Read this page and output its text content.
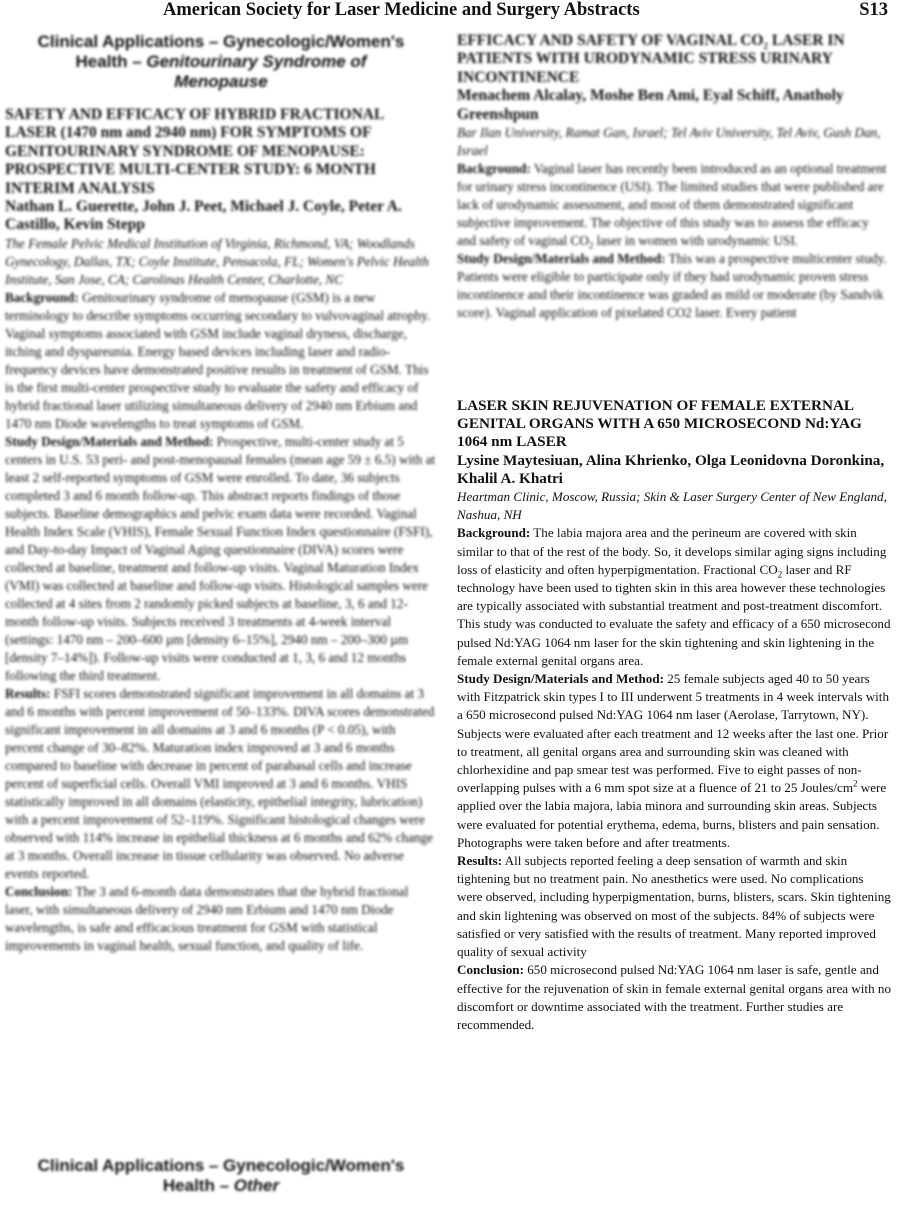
American Society for Laser Medicine and Surgery Abstracts	S13
Clinical Applications – Gynecologic/Women's
Health – Genitourinary Syndrome of
Menopause

SAFETY AND EFFICACY OF HYBRID FRACTIONAL LASER (1470 nm and 2940 nm) FOR SYMPTOMS OF GENITOURINARY SYNDROME OF MENOPAUSE: PROSPECTIVE MULTI-CENTER STUDY: 6 MONTH INTERIM ANALYSIS

Nathan L. Guerette, John J. Peet, Michael J. Coyle, Peter A. Castillo, Kevin Stepp

The Female Pelvic Medical Institution of Virginia, Richmond, VA; Woodlands Gynecology, Dallas, TX; Coyle Institute, Pensacola, FL; Women's Pelvic Health Institute, San Jose, CA; Carolinas Health Center, Charlotte, NC

Background: Genitourinary syndrome of menopause (GSM) is a new terminology to describe symptoms occurring secondary to vulvovaginal atrophy. Vaginal symptoms associated with GSM include vaginal dryness, discharge, itching and dyspareunia. Energy based devices including laser and radio-frequency devices have demonstrated positive results in treatment of GSM. This is the first multi-center prospective study to evaluate the safety and efficacy of hybrid fractional laser utilizing simultaneous delivery of 2940 nm Erbium and 1470 nm Diode wavelengths to treat symptoms of GSM.

Study Design/Materials and Method: Prospective, multi-center study at 5 centers in U.S. 53 peri- and post-menopausal females (mean age 59 ± 6.5) with at least 2 self-reported symptoms of GSM were enrolled. To date, 36 subjects completed 3 and 6 month follow-up. This abstract reports findings of those subjects. Baseline demographics and pelvic exam data were recorded. Vaginal Health Index Scale (VHIS), Female Sexual Function Index questionnaire (FSFI), and Day-to-day Impact of Vaginal Aging questionnaire (DIVA) scores were collected at baseline, treatment and follow-up visits. Vaginal Maturation Index (VMI) was collected at baseline and follow-up visits. Histological samples were collected at 4 sites from 2 randomly picked subjects at baseline, 3, 6 and 12-month follow-up visits. Subjects received 3 treatments at 4-week interval (settings: 1470 nm – 200–600 µm [density 6–15%], 2940 nm – 200–300 µm [density 7–14%]). Follow-up visits were conducted at 1, 3, 6 and 12 months following the third treatment.

Results: FSFI scores demonstrated significant improvement in all domains at 3 and 6 months with percent improvement of 50–133%. DIVA scores demonstrated significant improvement in all domains at 3 and 6 months (P < 0.05), with percent change of 30–82%. Maturation index improved at 3 and 6 months compared to baseline with decrease in percent of parabasal cells and increase percent of superficial cells. Overall VMI improved at 3 and 6 months. VHIS statistically improved in all domains (elasticity, epithelial integrity, lubrication) with a percent improvement of 52–119%. Significant histological changes were observed with 114% increase in epithelial thickness at 6 months and 62% change at 3 months. Overall increase in tissue cellularity was observed. No adverse events reported.

Conclusion: The 3 and 6-month data demonstrates that the hybrid fractional laser, with simultaneous delivery of 2940 nm Erbium and 1470 nm Diode wavelengths, is safe and efficacious treatment for GSM with statistical improvements in vaginal health, sexual function, and quality of life.

Clinical Applications – Gynecologic/Women's
Health – Other

EFFICACY AND SAFETY OF VAGINAL $CO_2$ LASER IN PATIENTS WITH URODYNAMIC STRESS URINARY INCONTINENCE

Menachem Alcalay, Moshe Ben Ami, Eyal Schiff, Anatholy Greenshpun

Bar Ilan University, Ramat Gan, Israel; Tel Aviv University, Tel Aviv, Gush Dan, Israel

Background: Vaginal laser has recently been introduced as an optional treatment for urinary stress incontinence (USI). The limited studies that were published are lack of urodynamic assessment, and most of them demonstrated significant subjective improvement. The objective of this study was to assess the efficacy and safety of vaginal $CO_2$ laser in women with urodynamic USI.

Study Design/Materials and Method: This was a prospective multicenter study. Patients were eligible to participate only if they had urodynamic proven stress incontinence and their incontinence was graded as mild or moderate (by Sandvik score). Vaginal application of pixelated CO2 laser. Every patient

LASER SKIN REJUVENATION OF FEMALE EXTERNAL GENITAL ORGANS WITH A 650 MICROSECOND Nd:YAG 1064 nm LASER

Lysine Maytesiuan, Alina Khrienko, Olga Leonidovna Doronkina, Khalil A. Khatri

Heartman Clinic, Moscow, Russia; Skin & Laser Surgery Center of New England, Nashua, NH

Background: The labia majora area and the perineum are covered with skin similar to that of the rest of the body. So, it develops similar aging signs including loss of elasticity and often hyperpigmentation. Fractional $CO_2$ laser and RF technology have been used to tighten skin in this area however these technologies are typically associated with substantial treatment and post-treatment discomfort. This study was conducted to evaluate the safety and efficacy of a 650 microsecond pulsed Nd:YAG 1064 nm laser for the skin tightening and skin lightening in the female external genital organs area.

Study Design/Materials and Method: 25 female subjects aged 40 to 50 years with Fitzpatrick skin types I to III underwent 5 treatments in 4 week intervals with a 650 microsecond pulsed Nd:YAG 1064 nm laser (Aerolase, Tarrytown, NY). Subjects were evaluated after each treatment and 12 weeks after the last one. Prior to treatment, all genital organs area and surrounding skin was cleaned with chlorhexidine and pap smear test was performed. Five to eight passes of non-overlapping pulses with a 6 mm spot size at a fluence of 21 to 25 Joules/$cm^2$ were applied over the labia majora, labia minora and surrounding skin areas. Subjects were evaluated for potential erythema, edema, burns, blisters and pain sensation. Photographs were taken before and after treatments.

Results: All subjects reported feeling a deep sensation of warmth and skin tightening but no treatment pain. No anesthetics were used. No complications were observed, including hyperpigmentation, burns, blisters, scars. Skin tightening and skin lightening was observed on most of the subjects. 84% of subjects were satisfied or very satisfied with the results of treatment. Many reported improved quality of sexual activity

Conclusion: 650 microsecond pulsed Nd:YAG 1064 nm laser is safe, gentle and effective for the rejuvenation of skin in female external genital organs area with no discomfort or downtime associated with the treatment. Further studies are recommended.
